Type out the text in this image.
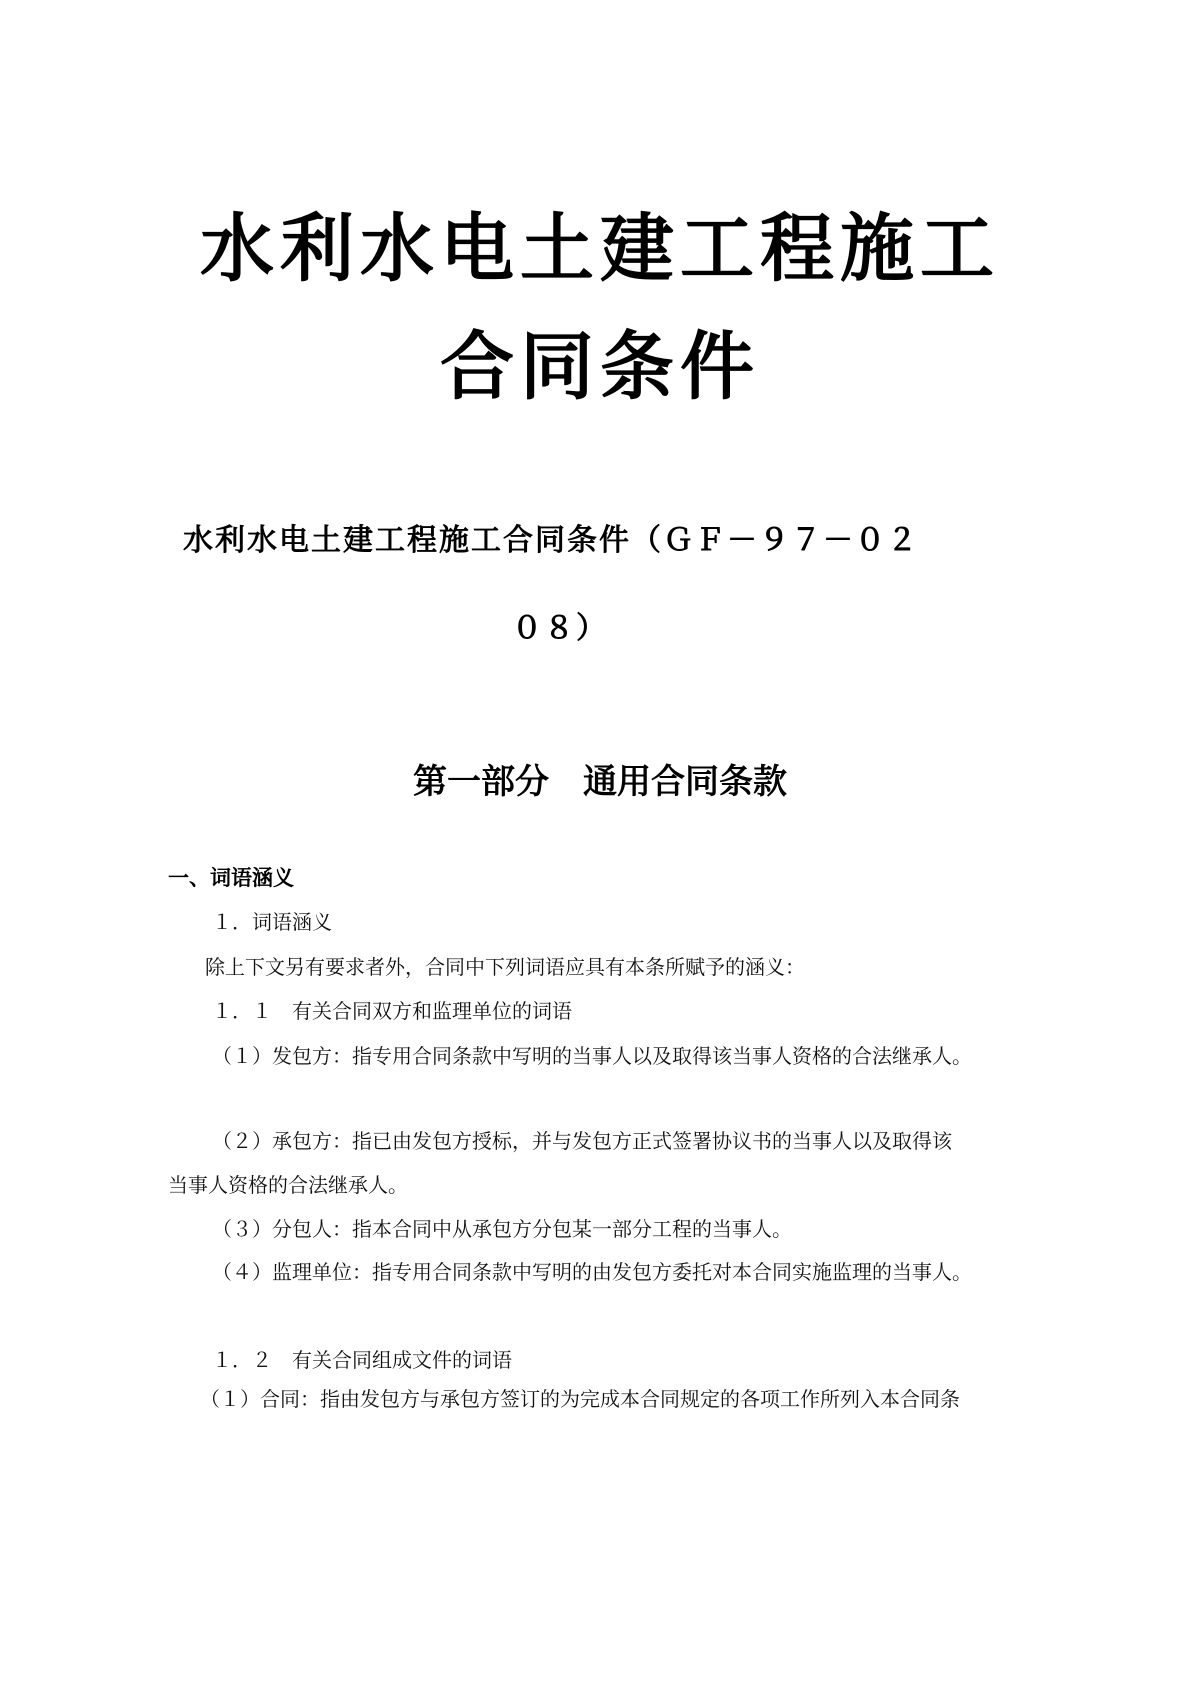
水利水电土建工程施工
合同条件
水利水电土建工程施工合同条件（ＧＦ－９７－０２
０８）
第一部分　通用合同条款
一、词语涵义
１．词语涵义
除上下文另有要求者外，合同中下列词语应具有本条所赋予的涵义：
１．１　有关合同双方和监理单位的词语
（１）发包方：指专用合同条款中写明的当事人以及取得该当事人资格的合法继承人。
（２）承包方：指已由发包方授标，并与发包方正式签署协议书的当事人以及取得该
当事人资格的合法继承人。
（３）分包人：指本合同中从承包方分包某一部分工程的当事人。
（４）监理单位：指专用合同条款中写明的由发包方委托对本合同实施监理的当事人。
１．２　有关合同组成文件的词语
（１）合同：指由发包方与承包方签订的为完成本合同规定的各项工作所列入本合同条
